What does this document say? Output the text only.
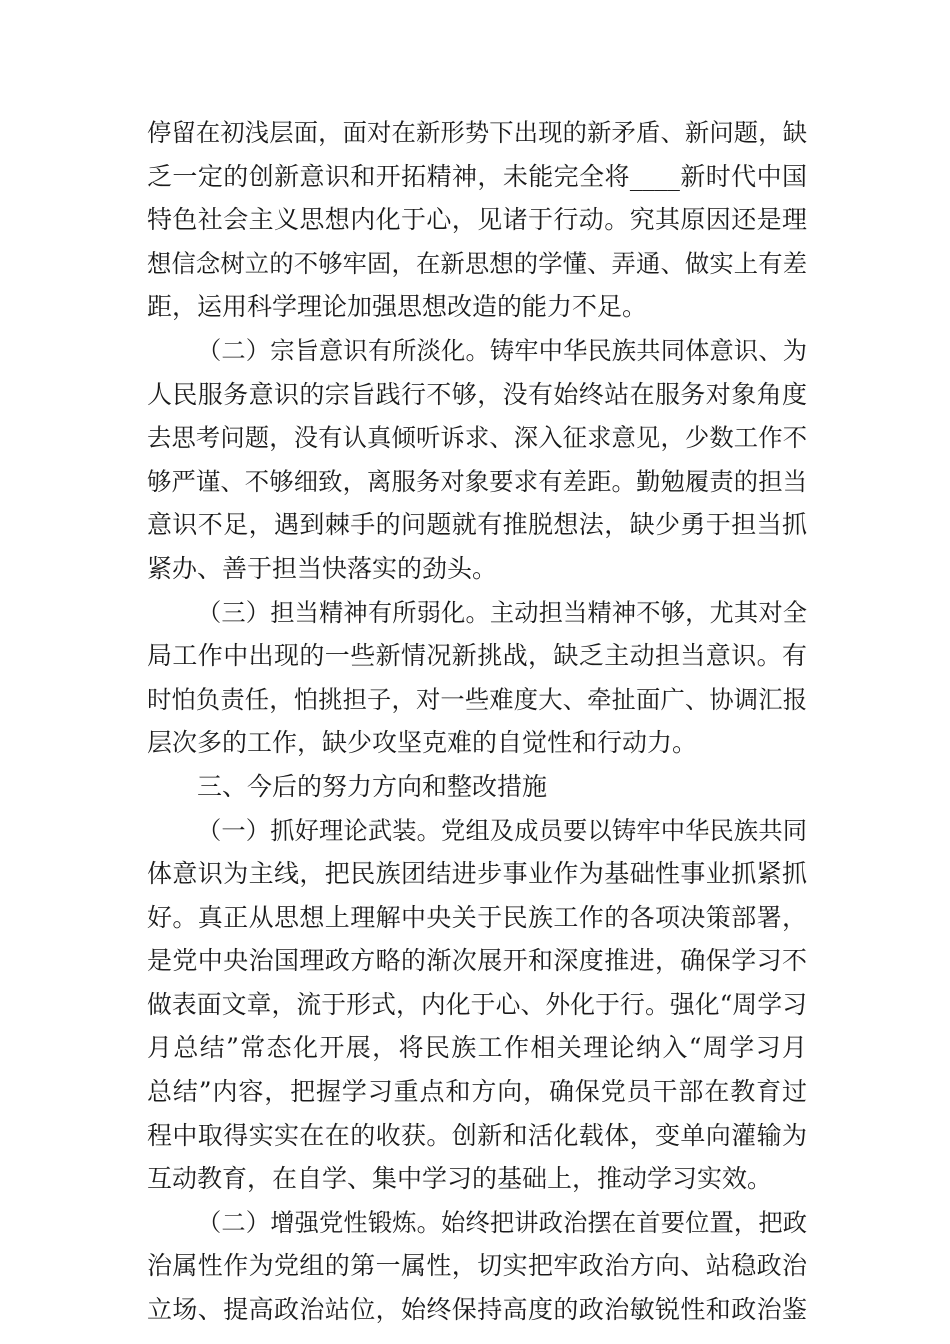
停留在初浅层面，面对在新形势下出现的新矛盾、新问题，缺
乏一定的创新意识和开拓精神，未能完全将____新时代中国
特色社会主义思想内化于心，见诸于行动。究其原因还是理
想信念树立的不够牢固，在新思想的学懂、弄通、做实上有差
距，运用科学理论加强思想改造的能力不足。
（二）宗旨意识有所淡化。铸牢中华民族共同体意识、为
人民服务意识的宗旨践行不够，没有始终站在服务对象角度
去思考问题，没有认真倾听诉求、深入征求意见，少数工作不
够严谨、不够细致，离服务对象要求有差距。勤勉履责的担当
意识不足，遇到棘手的问题就有推脱想法，缺少勇于担当抓
紧办、善于担当快落实的劲头。
（三）担当精神有所弱化。主动担当精神不够，尤其对全
局工作中出现的一些新情况新挑战，缺乏主动担当意识。有
时怕负责任，怕挑担子，对一些难度大、牵扯面广、协调汇报
层次多的工作，缺少攻坚克难的自觉性和行动力。
三、今后的努力方向和整改措施
（一）抓好理论武装。党组及成员要以铸牢中华民族共同
体意识为主线，把民族团结进步事业作为基础性事业抓紧抓
好。真正从思想上理解中央关于民族工作的各项决策部署，
是党中央治国理政方略的渐次展开和深度推进，确保学习不
做表面文章，流于形式，内化于心、外化于行。强化“周学习
月总结”常态化开展，将民族工作相关理论纳入“周学习月
总结”内容，把握学习重点和方向，确保党员干部在教育过
程中取得实实在在的收获。创新和活化载体，变单向灌输为
互动教育，在自学、集中学习的基础上，推动学习实效。
（二）增强党性锻炼。始终把讲政治摆在首要位置，把政
治属性作为党组的第一属性，切实把牢政治方向、站稳政治
立场、提高政治站位，始终保持高度的政治敏锐性和政治鉴
